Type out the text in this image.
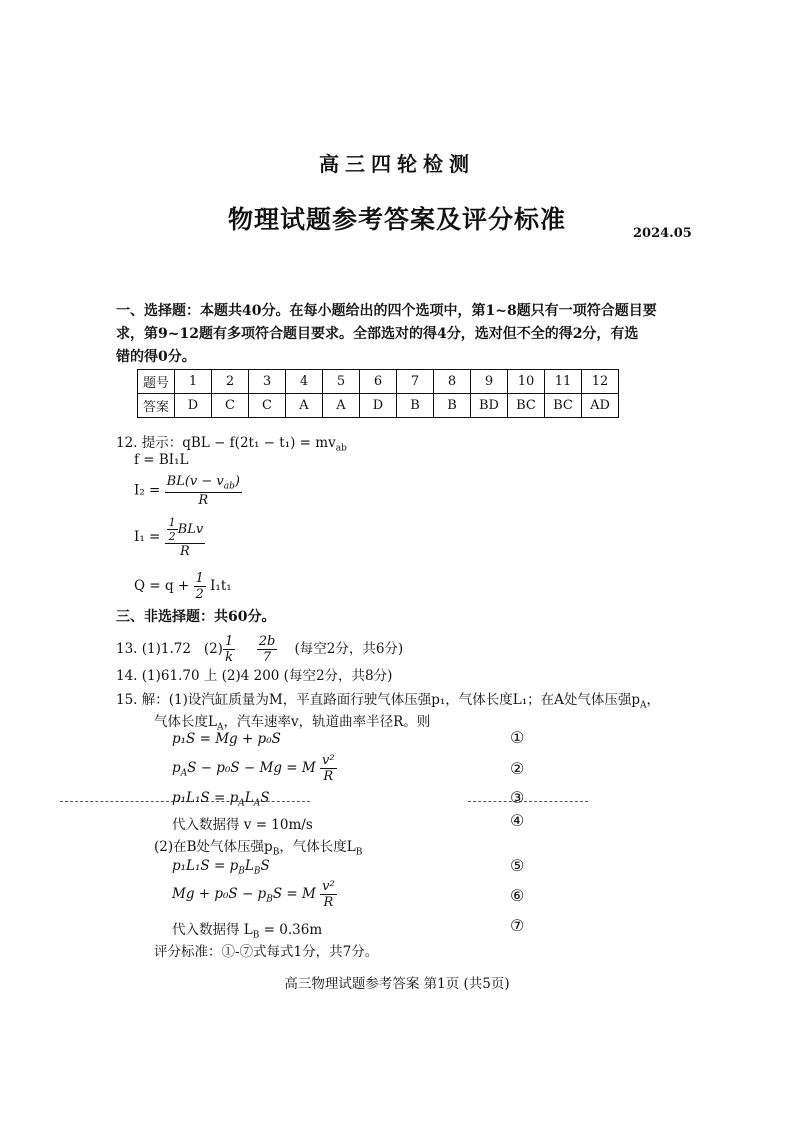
高三四轮检测
物理试题参考答案及评分标准	2024.05
一、选择题：本题共40分。在每小题给出的四个选项中，第1~8题只有一项符合题目要
求，第9~12题有多项符合题目要求。全部选对的得4分，选对但不全的得2分，有选
错的得0分。
题号	1	2	3	4	5	6	7	8	9	10	11	12
答案	D	C	C	A	A	D	B	B	BD	BC	BC	AD
12. 提示：qBL − $f(2t_1 - t_1) = mv_{ab}$
f = BI₁L
$I_2 = \frac{BL(v - v_{ab})}{R}$
$I_1 = \frac{\frac{1}{2} BLv}{R}$
$Q = q + \frac{1}{2} I_1t_1$
三、非选择题：共60分。
13. (1)1.72 $(2) \frac{1}{k}$
$\frac{2b}{7}$ (每空2分，共6分)
14. (1)61.70 上 (2)4 200 (每空2分，共8分)
15. 解：(1)设汽缸质量为M，平直路面行驶气体压强p₁，气体长度L₁；在A处气体压强$p_A$，
气体长度$L_A$，汽车速率v，轨道曲率半径R。则
p₁S = Mg + p₀S	①
$p_AS - p_0S - Mg = M \frac{\text{v²}}{R}$	②
$p_1L_1S = p_AL_AS$	③
代入数据得 v = 10m/s	④
(2)在B处气体压强$p_B$，气体长度$L_B$
$p_1L_1S = p_BL_BS$	⑤
$Mg + p_0S - p_BS = M \frac{\text{v²}}{R}$	⑥
代入数据得 $L_B = 0.36m$	⑦
评分标准：①-⑦式每式1分，共7分。
高三物理试题参考答案 第1页 (共5页)
